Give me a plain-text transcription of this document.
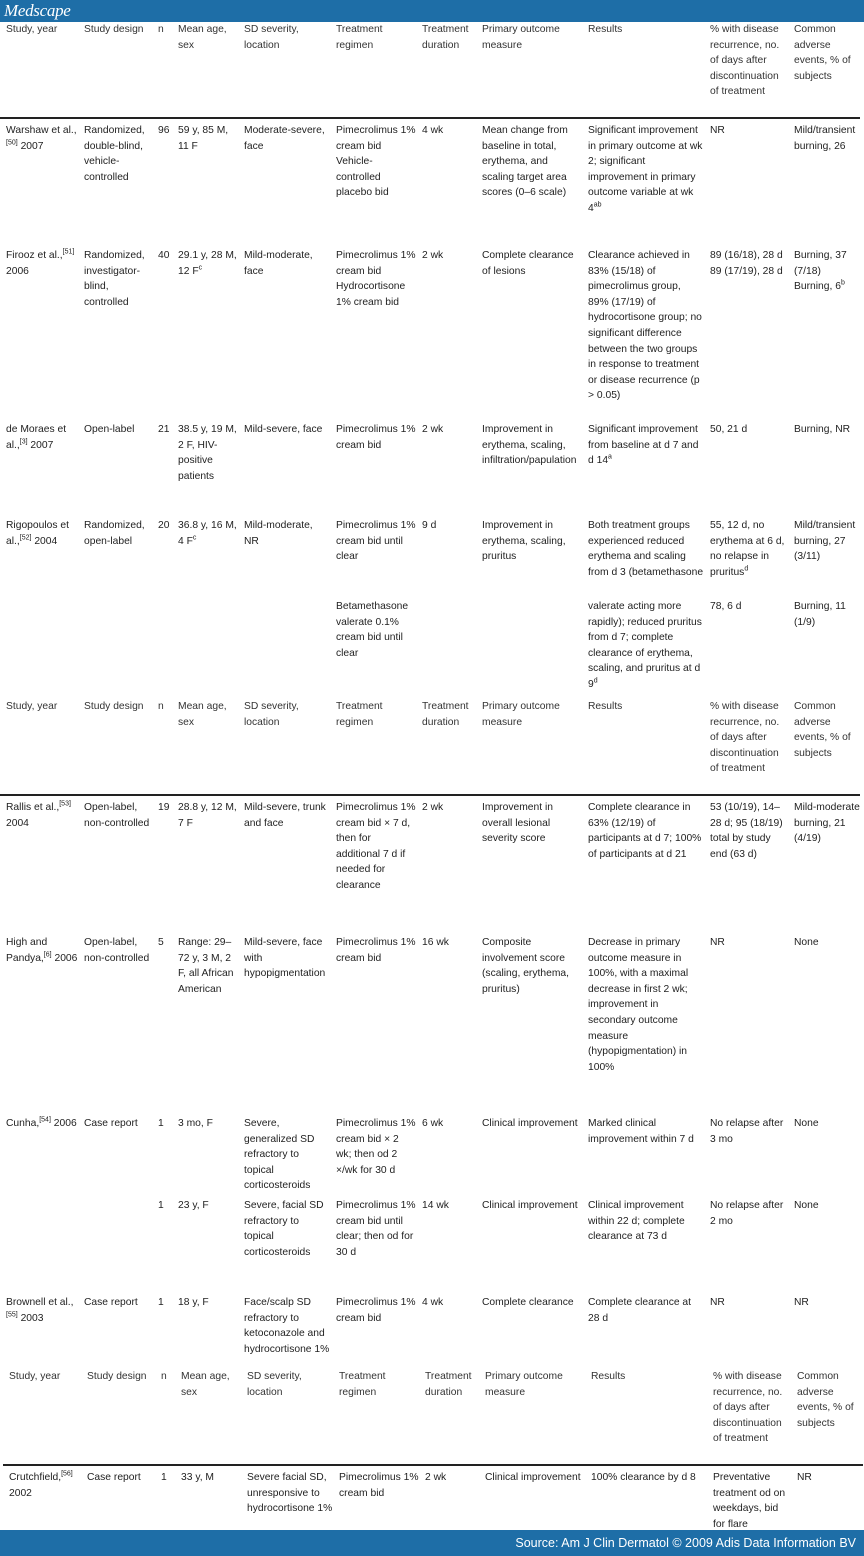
Medscape
Study, year	Study design	n	Mean age, sex	SD severity, location	Treatment regimen	Treatment duration	Primary outcome measure	Results	% with disease recurrence, no. of days after discontinuation of treatment	Common adverse events, % of subjects
Warshaw et al.,[50] 2007	Randomized, double-blind, vehicle-controlled	96	59 y, 85 M, 11 F	Moderate-severe, face	Pimecrolimus 1% cream bid Vehicle-controlled placebo bid	4 wk	Mean change from baseline in total, erythema, and scaling target area scores (0–6 scale)	Significant improvement in primary outcome at wk 2; significant improvement in primary outcome variable at wk $4^{ab}$	NR	Mild/transient burning, 26
Firooz et al.,[51] 2006	Randomized, investigator-blind, controlled	40	29.1 y, 28 M, 12 $F^c$	Mild-moderate, face	Pimecrolimus 1% cream bid Hydrocortisone 1% cream bid	2 wk	Complete clearance of lesions	Clearance achieved in 83% (15/18) of pimecrolimus group, 89% (17/19) of hydrocortisone group; no significant difference between the two groups in response to treatment or disease recurrence (p > 0.05)	89 (16/18), 28 d 89 (17/19), 28 d	Burning, 37 (7/18) Burning, 6$^b$
de Moraes et al.,[3] 2007	Open-label	21	38.5 y, 19 M, 2 F, HIV-positive patients	Mild-severe, face	Pimecrolimus 1% cream bid	2 wk	Improvement in erythema, scaling, infiltration/papulation	Significant improvement from baseline at d 7 and d 14$^a$	50, 21 d	Burning, NR
Rigopoulos et al.,[52] 2004	Randomized, open-label	20	36.8 y, 16 M, 4 $F^c$	Mild-moderate, NR	Pimecrolimus 1% cream bid until clear	9 d	Improvement in erythema, scaling, pruritus	Both treatment groups experienced reduced erythema and scaling from d 3 (betamethasone	55, 12 d, no erythema at 6 d, no relapse in pruritus$^d$	Mild/transient burning, 27 (3/11)
					Betamethasone valerate 0.1% cream bid until clear			valerate acting more rapidly); reduced pruritus from d 7; complete clearance of erythema, scaling, and pruritus at d 9$^d$	78, 6 d	Burning, 11 (1/9)
Study, year	Study design	n	Mean age, sex	SD severity, location	Treatment regimen	Treatment duration	Primary outcome measure	Results	% with disease recurrence, no. of days after discontinuation of treatment	Common adverse events, % of subjects
Rallis et al.,[53] 2004	Open-label, non-controlled	19	28.8 y, 12 M, 7 F	Mild-severe, trunk and face	Pimecrolimus 1% cream bid × 7 d, then for additional 7 d if needed for clearance	2 wk	Improvement in overall lesional severity score	Complete clearance in 63% (12/19) of participants at d 7; 100% of participants at d 21	53 (10/19), 14–28 d; 95 (18/19) total by study end (63 d)	Mild-moderate burning, 21 (4/19)
High and Pandya,[6] 2006	Open-label, non-controlled	5	Range: 29–72 y, 3 M, 2 F, all African American	Mild-severe, face with hypopigmentation	Pimecrolimus 1% cream bid	16 wk	Composite involvement score (scaling, erythema, pruritus)	Decrease in primary outcome measure in 100%, with a maximal decrease in first 2 wk; improvement in secondary outcome measure (hypopigmentation) in 100%	NR	None
Cunha,[54] 2006	Case report	1	3 mo, F	Severe, generalized SD refractory to topical corticosteroids	Pimecrolimus 1% cream bid × 2 wk; then od 2 ×/wk for 30 d	6 wk	Clinical improvement	Marked clinical improvement within 7 d	No relapse after 3 mo	None
		1	23 y, F	Severe, facial SD refractory to topical corticosteroids	Pimecrolimus 1% cream bid until clear; then od for 30 d	14 wk	Clinical improvement	Clinical improvement within 22 d; complete clearance at 73 d	No relapse after 2 mo	None
Brownell et al.,[55] 2003	Case report	1	18 y, F	Face/scalp SD refractory to ketoconazole and hydrocortisone 1%	Pimecrolimus 1% cream bid	4 wk	Complete clearance	Complete clearance at 28 d	NR	NR
Study, year	Study design	n	Mean age, sex	SD severity, location	Treatment regimen	Treatment duration	Primary outcome measure	Results	% with disease recurrence, no. of days after discontinuation of treatment	Common adverse events, % of subjects
Crutchfield,[56] 2002	Case report	1	33 y, M	Severe facial SD, unresponsive to hydrocortisone 1%	Pimecrolimus 1% cream bid	2 wk	Clinical improvement	100% clearance by d 8	Preventative treatment od on weekdays, bid for flare	NR
Source: Am J Clin Dermatol © 2009 Adis Data Information BV
